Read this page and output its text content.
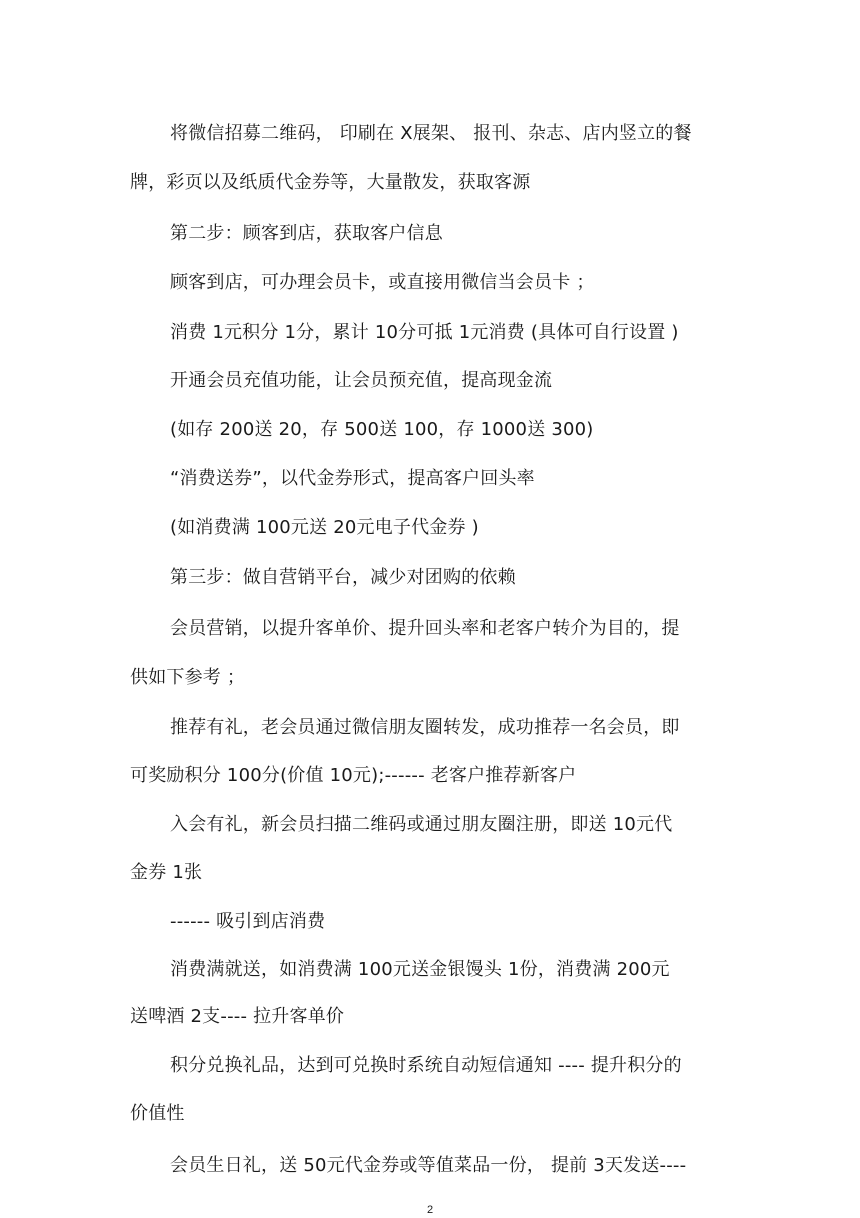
将微信招募二维码， 印刷在 X展架、 报刊、杂志、店内竖立的餐
牌，彩页以及纸质代金券等，大量散发，获取客源
第二步：顾客到店，获取客户信息
顾客到店，可办理会员卡，或直接用微信当会员卡 ；
消费 1元积分 1分，累计 10分可抵 1元消费 (具体可自行设置 )
开通会员充值功能，让会员预充值，提高现金流
(如存 200送 20，存 500送 100，存 1000送 300)
“消费送券”，以代金券形式，提高客户回头率
(如消费满 100元送 20元电子代金券 )
第三步：做自营销平台，减少对团购的依赖
会员营销，以提升客单价、提升回头率和老客户转介为目的，提
供如下参考 ；
推荐有礼，老会员通过微信朋友圈转发，成功推荐一名会员，即
可奖励积分 100分(价值 10元);------ 老客户推荐新客户
入会有礼，新会员扫描二维码或通过朋友圈注册，即送 10元代
金券 1张
------ 吸引到店消费
消费满就送，如消费满 100元送金银馒头 1份，消费满 200元
送啤酒 2支---- 拉升客单价
积分兑换礼品，达到可兑换时系统自动短信通知 ---- 提升积分的
价值性
会员生日礼，送 50元代金券或等值菜品一份， 提前 3天发送----
2
